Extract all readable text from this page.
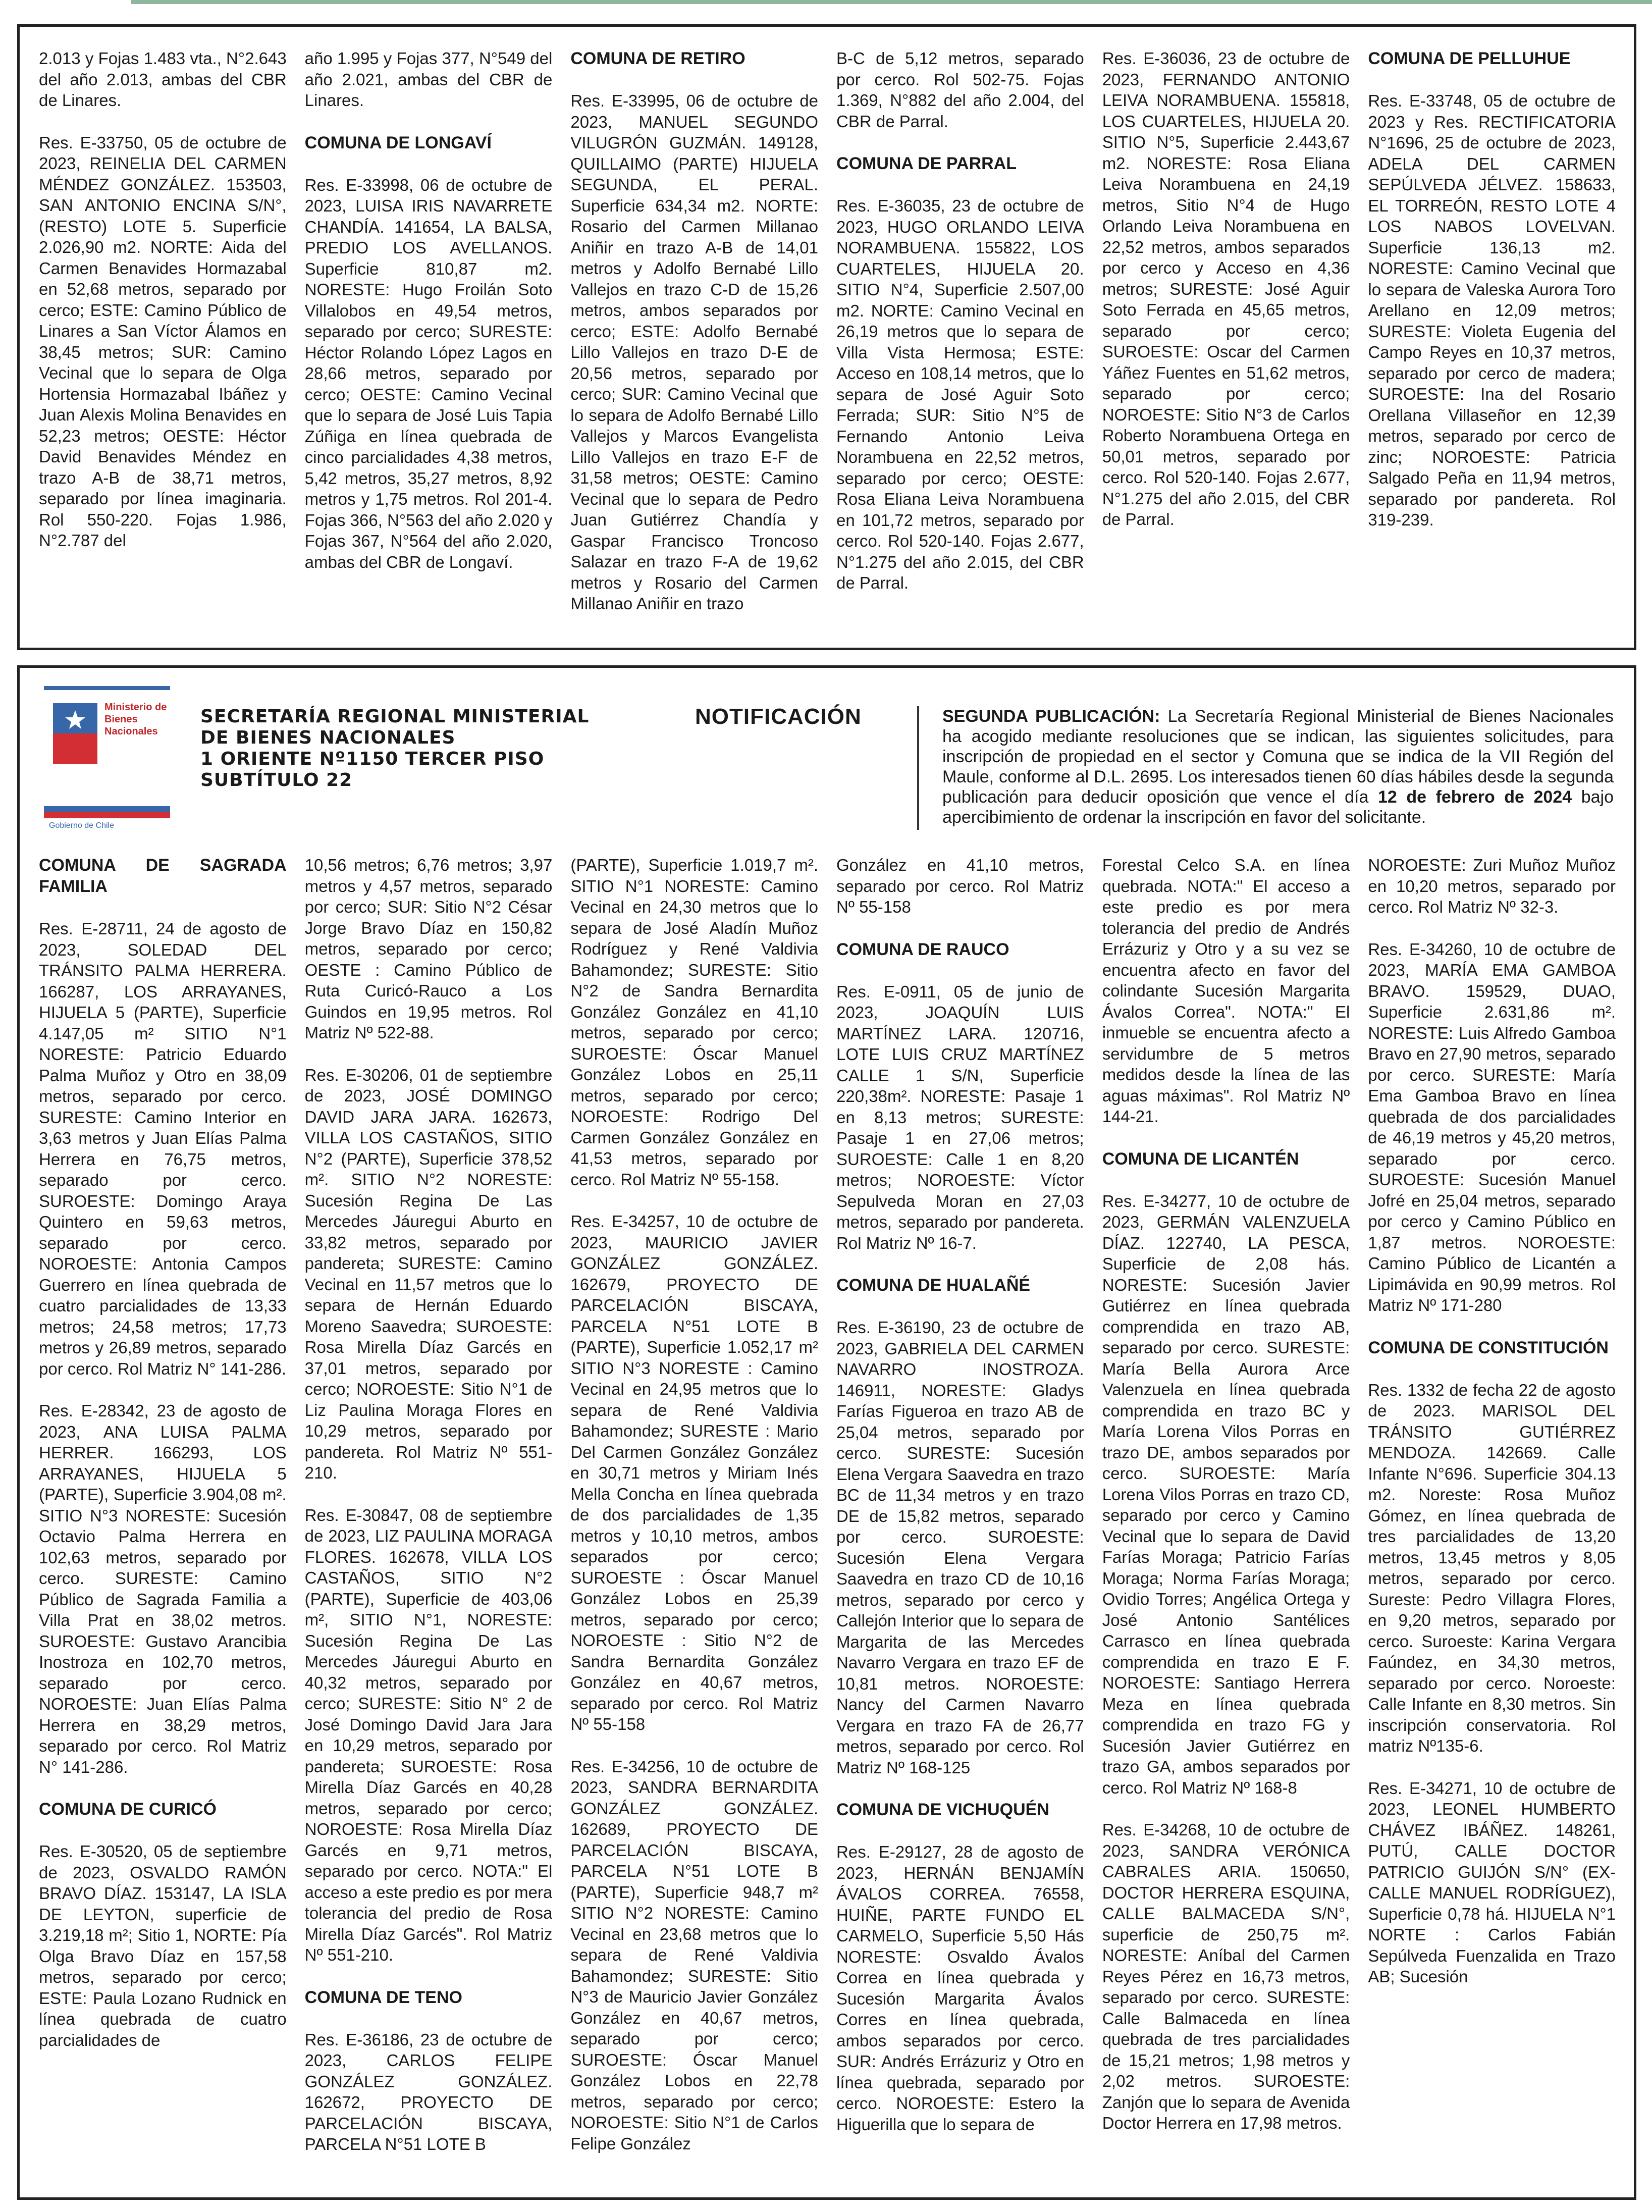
2.013 y Fojas 1.483 vta., N°2.643 del año 2.013, ambas del CBR de Linares.

Res. E-33750, 05 de octubre de 2023, REINELIA DEL CARMEN MÉNDEZ GONZÁLEZ. 153503, SAN ANTONIO ENCINA S/N°, (RESTO) LOTE 5. Superficie 2.026,90 m2. NORTE: Aida del Carmen Benavides Hormazabal en 52,68 metros, separado por cerco; ESTE: Camino Público de Linares a San Víctor Álamos en 38,45 metros; SUR: Camino Vecinal que lo separa de Olga Hortensia Hormazabal Ibáñez y Juan Alexis Molina Benavides en 52,23 metros; OESTE: Héctor David Benavides Méndez en trazo A-B de 38,71 metros, separado por línea imaginaria. Rol 550-220. Fojas 1.986, N°2.787 del

año 1.995 y Fojas 377, N°549 del año 2.021, ambas del CBR de Linares.

COMUNA DE LONGAVÍ

Res. E-33998, 06 de octubre de 2023, LUISA IRIS NAVARRETE CHANDÍA. 141654, LA BALSA, PREDIO LOS AVELLANOS. Superficie 810,87 m2. NORESTE: Hugo Froilán Soto Villalobos en 49,54 metros, separado por cerco; SURESTE: Héctor Rolando López Lagos en 28,66 metros, separado por cerco; OESTE: Camino Vecinal que lo separa de José Luis Tapia Zúñiga en línea quebrada de cinco parcialidades 4,38 metros, 5,42 metros, 35,27 metros, 8,92 metros y 1,75 metros. Rol 201-4. Fojas 366, N°563 del año 2.020 y Fojas 367, N°564 del año 2.020, ambas del CBR de Longaví.

COMUNA DE RETIRO

Res. E-33995, 06 de octubre de 2023, MANUEL SEGUNDO VILUGRÓN GUZMÁN. 149128, QUILLAIMO (PARTE) HIJUELA SEGUNDA, EL PERAL. Superficie 634,34 m2. NORTE: Rosario del Carmen Millanao Aniñir en trazo A-B de 14,01 metros y Adolfo Bernabé Lillo Vallejos en trazo C-D de 15,26 metros, ambos separados por cerco; ESTE: Adolfo Bernabé Lillo Vallejos en trazo D-E de 20,56 metros, separado por cerco; SUR: Camino Vecinal que lo separa de Adolfo Bernabé Lillo Vallejos y Marcos Evangelista Lillo Vallejos en trazo E-F de 31,58 metros; OESTE: Camino Vecinal que lo separa de Pedro Juan Gutiérrez Chandía y Gaspar Francisco Troncoso Salazar en trazo F-A de 19,62 metros y Rosario del Carmen Millanao Aniñir en trazo

B-C de 5,12 metros, separado por cerco. Rol 502-75. Fojas 1.369, N°882 del año 2.004, del CBR de Parral.

COMUNA DE PARRAL

Res. E-36035, 23 de octubre de 2023, HUGO ORLANDO LEIVA NORAMBUENA. 155822, LOS CUARTELES, HIJUELA 20. SITIO N°4, Superficie 2.507,00 m2. NORTE: Camino Vecinal en 26,19 metros que lo separa de Villa Vista Hermosa; ESTE: Acceso en 108,14 metros, que lo separa de José Aguir Soto Ferrada; SUR: Sitio N°5 de Fernando Antonio Leiva Norambuena en 22,52 metros, separado por cerco; OESTE: Rosa Eliana Leiva Norambuena en 101,72 metros, separado por cerco. Rol 520-140. Fojas 2.677, N°1.275 del año 2.015, del CBR de Parral.

Res. E-36036, 23 de octubre de 2023, FERNANDO ANTONIO LEIVA NORAMBUENA. 155818, LOS CUARTELES, HIJUELA 20. SITIO N°5, Superficie 2.443,67 m2. NORESTE: Rosa Eliana Leiva Norambuena en 24,19 metros, Sitio N°4 de Hugo Orlando Leiva Norambuena en 22,52 metros, ambos separados por cerco y Acceso en 4,36 metros; SURESTE: José Aguir Soto Ferrada en 45,65 metros, separado por cerco; SUROESTE: Oscar del Carmen Yáñez Fuentes en 51,62 metros, separado por cerco; NOROESTE: Sitio N°3 de Carlos Roberto Norambuena Ortega en 50,01 metros, separado por cerco. Rol 520-140. Fojas 2.677, N°1.275 del año 2.015, del CBR de Parral.

COMUNA DE PELLUHUE

Res. E-33748, 05 de octubre de 2023 y Res. RECTIFICATORIA N°1696, 25 de octubre de 2023, ADELA DEL CARMEN SEPÚLVEDA JÉLVEZ. 158633, EL TORREÓN, RESTO LOTE 4 LOS NABOS LOVELVAN. Superficie 136,13 m2. NORESTE: Camino Vecinal que lo separa de Valeska Aurora Toro Arellano en 12,09 metros; SURESTE: Violeta Eugenia del Campo Reyes en 10,37 metros, separado por cerco de madera; SUROESTE: Ina del Rosario Orellana Villaseñor en 12,39 metros, separado por cerco de zinc; NOROESTE: Patricia Salgado Peña en 11,94 metros, separado por pandereta. Rol 319-239.

Ministerio de
Bienes
Nacionales
Gobierno de Chile
SECRETARÍA REGIONAL MINISTERIAL
DE BIENES NACIONALES
1 ORIENTE Nº1150 TERCER PISO
SUBTÍTULO 22
NOTIFICACIÓN	SEGUNDA PUBLICACIÓN: La Secretaría Regional Ministerial de Bienes Nacionales ha acogido mediante resoluciones que se indican, las siguientes solicitudes, para inscripción de propiedad en el sector y Comuna que se indica de la VII Región del Maule, conforme al D.L. 2695. Los interesados tienen 60 días hábiles desde la segunda publicación para deducir oposición que vence el día 12 de febrero de 2024 bajo apercibimiento de ordenar la inscripción en favor del solicitante.
COMUNA DE SAGRADA FAMILIA

Res. E-28711, 24 de agosto de 2023, SOLEDAD DEL TRÁNSITO PALMA HERRERA. 166287, LOS ARRAYANES, HIJUELA 5 (PARTE), Superficie 4.147,05 m² SITIO N°1 NORESTE: Patricio Eduardo Palma Muñoz y Otro en 38,09 metros, separado por cerco. SURESTE: Camino Interior en 3,63 metros y Juan Elías Palma Herrera en 76,75 metros, separado por cerco. SUROESTE: Domingo Araya Quintero en 59,63 metros, separado por cerco. NOROESTE: Antonia Campos Guerrero en línea quebrada de cuatro parcialidades de 13,33 metros; 24,58 metros; 17,73 metros y 26,89 metros, separado por cerco. Rol Matriz N° 141-286.

Res. E-28342, 23 de agosto de 2023, ANA LUISA PALMA HERRER. 166293, LOS ARRAYANES, HIJUELA 5 (PARTE), Superficie 3.904,08 m². SITIO N°3 NORESTE: Sucesión Octavio Palma Herrera en 102,63 metros, separado por cerco. SURESTE: Camino Público de Sagrada Familia a Villa Prat en 38,02 metros. SUROESTE: Gustavo Arancibia Inostroza en 102,70 metros, separado por cerco. NOROESTE: Juan Elías Palma Herrera en 38,29 metros, separado por cerco. Rol Matriz N° 141-286.

COMUNA DE CURICÓ

Res. E-30520, 05 de septiembre de 2023, OSVALDO RAMÓN BRAVO DÍAZ. 153147, LA ISLA DE LEYTON, superficie de 3.219,18 m²; Sitio 1, NORTE: Pía Olga Bravo Díaz en 157,58 metros, separado por cerco; ESTE: Paula Lozano Rudnick en línea quebrada de cuatro parcialidades de

10,56 metros; 6,76 metros; 3,97 metros y 4,57 metros, separado por cerco; SUR: Sitio N°2 César Jorge Bravo Díaz en 150,82 metros, separado por cerco; OESTE : Camino Público de Ruta Curicó-Rauco a Los Guindos en 19,95 metros. Rol Matriz Nº 522-88.

Res. E-30206, 01 de septiembre de 2023, JOSÉ DOMINGO DAVID JARA JARA. 162673, VILLA LOS CASTAÑOS, SITIO N°2 (PARTE), Superficie 378,52 m². SITIO N°2 NORESTE: Sucesión Regina De Las Mercedes Jáuregui Aburto en 33,82 metros, separado por pandereta; SURESTE: Camino Vecinal en 11,57 metros que lo separa de Hernán Eduardo Moreno Saavedra; SUROESTE: Rosa Mirella Díaz Garcés en 37,01 metros, separado por cerco; NOROESTE: Sitio N°1 de Liz Paulina Moraga Flores en 10,29 metros, separado por pandereta. Rol Matriz Nº 551-210.

Res. E-30847, 08 de septiembre de 2023, LIZ PAULINA MORAGA FLORES. 162678, VILLA LOS CASTAÑOS, SITIO N°2 (PARTE), Superficie de 403,06 m², SITIO N°1, NORESTE: Sucesión Regina De Las Mercedes Jáuregui Aburto en 40,32 metros, separado por cerco; SURESTE: Sitio N° 2 de José Domingo David Jara Jara en 10,29 metros, separado por pandereta; SUROESTE: Rosa Mirella Díaz Garcés en 40,28 metros, separado por cerco; NOROESTE: Rosa Mirella Díaz Garcés en 9,71 metros, separado por cerco. NOTA:" El acceso a este predio es por mera tolerancia del predio de Rosa Mirella Díaz Garcés". Rol Matriz Nº 551-210.

COMUNA DE TENO

Res. E-36186, 23 de octubre de 2023, CARLOS FELIPE GONZÁLEZ GONZÁLEZ. 162672, PROYECTO DE PARCELACIÓN BISCAYA, PARCELA N°51 LOTE B

(PARTE), Superficie 1.019,7 m². SITIO N°1 NORESTE: Camino Vecinal en 24,30 metros que lo separa de José Aladín Muñoz Rodríguez y René Valdivia Bahamondez; SURESTE: Sitio N°2 de Sandra Bernardita González González en 41,10 metros, separado por cerco; SUROESTE: Óscar Manuel González Lobos en 25,11 metros, separado por cerco; NOROESTE: Rodrigo Del Carmen González González en 41,53 metros, separado por cerco. Rol Matriz Nº 55-158.

Res. E-34257, 10 de octubre de 2023, MAURICIO JAVIER GONZÁLEZ GONZÁLEZ. 162679, PROYECTO DE PARCELACIÓN BISCAYA, PARCELA N°51 LOTE B (PARTE), Superficie 1.052,17 m² SITIO N°3 NORESTE : Camino Vecinal en 24,95 metros que lo separa de René Valdivia Bahamondez; SURESTE : Mario Del Carmen González González en 30,71 metros y Miriam Inés Mella Concha en línea quebrada de dos parcialidades de 1,35 metros y 10,10 metros, ambos separados por cerco; SUROESTE : Óscar Manuel González Lobos en 25,39 metros, separado por cerco; NOROESTE : Sitio N°2 de Sandra Bernardita González González en 40,67 metros, separado por cerco. Rol Matriz Nº 55-158

Res. E-34256, 10 de octubre de 2023, SANDRA BERNARDITA GONZÁLEZ GONZÁLEZ. 162689, PROYECTO DE PARCELACIÓN BISCAYA, PARCELA N°51 LOTE B (PARTE), Superficie 948,7 m² SITIO N°2 NORESTE: Camino Vecinal en 23,68 metros que lo separa de René Valdivia Bahamondez; SURESTE: Sitio N°3 de Mauricio Javier González González en 40,67 metros, separado por cerco; SUROESTE: Óscar Manuel González Lobos en 22,78 metros, separado por cerco; NOROESTE: Sitio N°1 de Carlos Felipe González

González en 41,10 metros, separado por cerco. Rol Matriz Nº 55-158

COMUNA DE RAUCO

Res. E-0911, 05 de junio de 2023, JOAQUÍN LUIS MARTÍNEZ LARA. 120716, LOTE LUIS CRUZ MARTÍNEZ CALLE 1 S/N, Superficie 220,38m². NORESTE: Pasaje 1 en 8,13 metros; SURESTE: Pasaje 1 en 27,06 metros; SUROESTE: Calle 1 en 8,20 metros; NOROESTE: Víctor Sepulveda Moran en 27,03 metros, separado por pandereta. Rol Matriz Nº 16-7.

COMUNA DE HUALAÑÉ

Res. E-36190, 23 de octubre de 2023, GABRIELA DEL CARMEN NAVARRO INOSTROZA. 146911, NORESTE: Gladys Farías Figueroa en trazo AB de 25,04 metros, separado por cerco. SURESTE: Sucesión Elena Vergara Saavedra en trazo BC de 11,34 metros y en trazo DE de 15,82 metros, separado por cerco. SUROESTE: Sucesión Elena Vergara Saavedra en trazo CD de 10,16 metros, separado por cerco y Callejón Interior que lo separa de Margarita de las Mercedes Navarro Vergara en trazo EF de 10,81 metros. NOROESTE: Nancy del Carmen Navarro Vergara en trazo FA de 26,77 metros, separado por cerco. Rol Matriz Nº 168-125

COMUNA DE VICHUQUÉN

Res. E-29127, 28 de agosto de 2023, HERNÁN BENJAMÍN ÁVALOS CORREA. 76558, HUIÑE, PARTE FUNDO EL CARMELO, Superficie 5,50 Hás NORESTE: Osvaldo Ávalos Correa en línea quebrada y Sucesión Margarita Ávalos Corres en línea quebrada, ambos separados por cerco. SUR: Andrés Errázuriz y Otro en línea quebrada, separado por cerco. NOROESTE: Estero la Higuerilla que lo separa de

Forestal Celco S.A. en línea quebrada. NOTA:" El acceso a este predio es por mera tolerancia del predio de Andrés Errázuriz y Otro y a su vez se encuentra afecto en favor del colindante Sucesión Margarita Ávalos Correa". NOTA:" El inmueble se encuentra afecto a servidumbre de 5 metros medidos desde la línea de las aguas máximas". Rol Matriz Nº 144-21.

COMUNA DE LICANTÉN

Res. E-34277, 10 de octubre de 2023, GERMÁN VALENZUELA DÍAZ. 122740, LA PESCA, Superficie de 2,08 hás. NORESTE: Sucesión Javier Gutiérrez en línea quebrada comprendida en trazo AB, separado por cerco. SURESTE: María Bella Aurora Arce Valenzuela en línea quebrada comprendida en trazo BC y María Lorena Vilos Porras en trazo DE, ambos separados por cerco. SUROESTE: María Lorena Vilos Porras en trazo CD, separado por cerco y Camino Vecinal que lo separa de David Farías Moraga; Patricio Farías Moraga; Norma Farías Moraga; Ovidio Torres; Angélica Ortega y José Antonio Santélices Carrasco en línea quebrada comprendida en trazo E F. NOROESTE: Santiago Herrera Meza en línea quebrada comprendida en trazo FG y Sucesión Javier Gutiérrez en trazo GA, ambos separados por cerco. Rol Matriz Nº 168-8

Res. E-34268, 10 de octubre de 2023, SANDRA VERÓNICA CABRALES ARIA. 150650, DOCTOR HERRERA ESQUINA, CALLE BALMACEDA S/N°, superficie de 250,75 m². NORESTE: Aníbal del Carmen Reyes Pérez en 16,73 metros, separado por cerco. SURESTE: Calle Balmaceda en línea quebrada de tres parcialidades de 15,21 metros; 1,98 metros y 2,02 metros. SUROESTE: Zanjón que lo separa de Avenida Doctor Herrera en 17,98 metros.

NOROESTE: Zuri Muñoz Muñoz en 10,20 metros, separado por cerco. Rol Matriz Nº 32-3.

Res. E-34260, 10 de octubre de 2023, MARÍA EMA GAMBOA BRAVO. 159529, DUAO, Superficie 2.631,86 m². NORESTE: Luis Alfredo Gamboa Bravo en 27,90 metros, separado por cerco. SURESTE: María Ema Gamboa Bravo en línea quebrada de dos parcialidades de 46,19 metros y 45,20 metros, separado por cerco. SUROESTE: Sucesión Manuel Jofré en 25,04 metros, separado por cerco y Camino Público en 1,87 metros. NOROESTE: Camino Público de Licantén a Lipimávida en 90,99 metros. Rol Matriz Nº 171-280

COMUNA DE CONSTITUCIÓN

Res. 1332 de fecha 22 de agosto de 2023. MARISOL DEL TRÁNSITO GUTIÉRREZ MENDOZA. 142669. Calle Infante N°696. Superficie 304.13 m2. Noreste: Rosa Muñoz Gómez, en línea quebrada de tres parcialidades de 13,20 metros, 13,45 metros y 8,05 metros, separado por cerco. Sureste: Pedro Villagra Flores, en 9,20 metros, separado por cerco. Suroeste: Karina Vergara Faúndez, en 34,30 metros, separado por cerco. Noroeste: Calle Infante en 8,30 metros. Sin inscripción conservatoria. Rol matriz Nº135-6.

Res. E-34271, 10 de octubre de 2023, LEONEL HUMBERTO CHÁVEZ IBÁÑEZ. 148261, PUTÚ, CALLE DOCTOR PATRICIO GUIJÓN S/N° (EX-CALLE MANUEL RODRÍGUEZ), Superficie 0,78 há. HIJUELA N°1 NORTE : Carlos Fabián Sepúlveda Fuenzalida en Trazo AB; Sucesión
